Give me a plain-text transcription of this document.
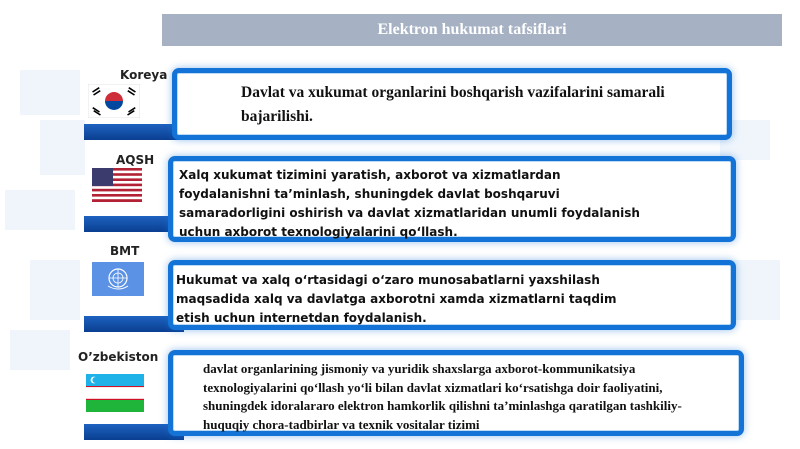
Elektron hukumat tafsiflari
Koreya
Davlat va xukumat organlarini boshqarish vazifalarini samarali bajarilishi.
AQSH
Xalq xukumat tizimini yaratish, axborot va xizmatlardan foydalanishni ta’minlash, shuningdek davlat boshqaruvi samaradorligini oshirish va davlat xizmatlaridan unumli foydalanish uchun axborot texnologiyalarini qo‘llash.
BMT
Hukumat va xalq o‘rtasidagi o‘zaro munosabatlarni yaxshilash maqsadida xalq va davlatga axborotni xamda xizmatlarni taqdim etish uchun internetdan foydalanish.
O’zbekiston
davlat organlarining jismoniy va yuridik shaxslarga axborot-kommunikatsiya texnologiyalarini qo‘llash yo‘li bilan davlat xizmatlari ko‘rsatishga doir faoliyatini, shuningdek idoralararo elektron hamkorlik qilishni ta’minlashga qaratilgan tashkiliy-huquqiy chora-tadbirlar va texnik vositalar tizimi
